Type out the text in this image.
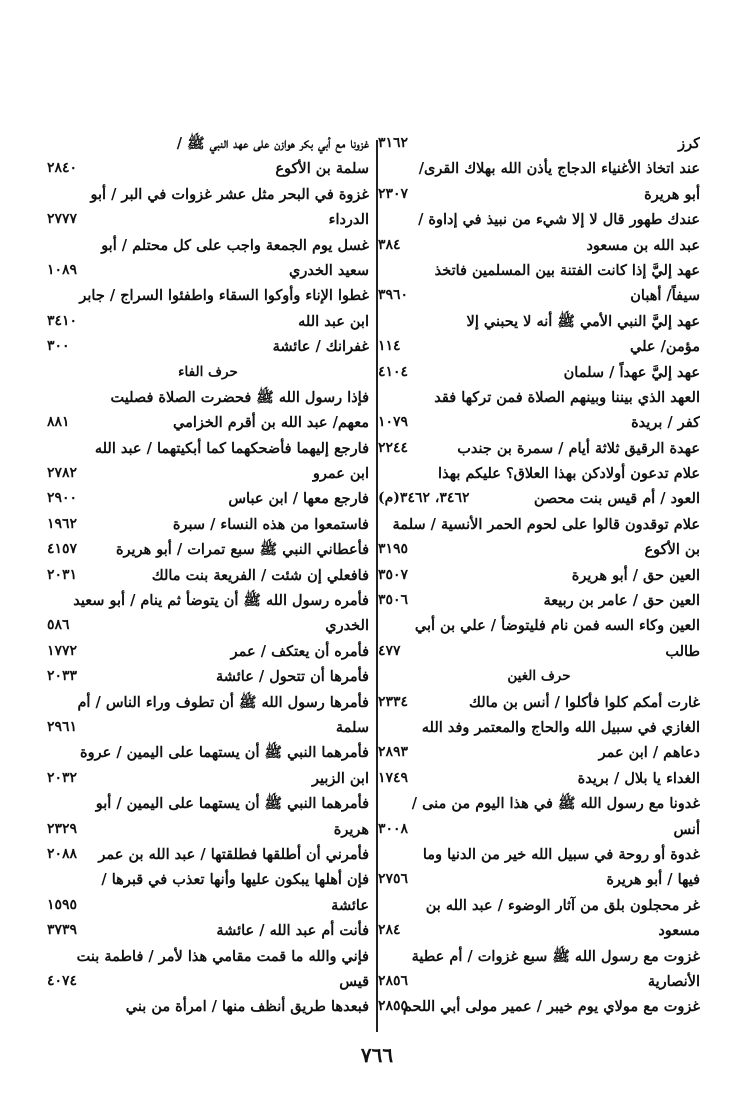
كرز
٣١٦٢
عند اتخاذ الأغنياء الدجاج يأذن الله بهلاك القرى/
أبو هريرة
٢٣٠٧
عندك طهور قال لا إلا شيء من نبيذ في إداوة /
عبد الله بن مسعود
٣٨٤
عهد إليَّ إذا كانت الفتنة بين المسلمين فاتخذ
سيفاً/ أهبان
٣٩٦٠
عهد إليَّ النبي الأمي ﷺ أنه لا يحبني إلا
مؤمن/ علي
١١٤
عهد إليَّ عهداً / سلمان
٤١٠٤
العهد الذي بيننا وبينهم الصلاة فمن تركها فقد
كفر / بريدة
١٠٧٩
عهدة الرقيق ثلاثة أيام / سمرة بن جندب
٢٢٤٤
علام تدعون أولادكن بهذا العلاق؟ عليكم بهذا
العود / أم قيس بنت محصن
٣٤٦٢، ٣٤٦٢(م)
علام توقدون قالوا على لحوم الحمر الأنسية / سلمة
بن الأكوع
٣١٩٥
العين حق / أبو هريرة
٣٥٠٧
العين حق / عامر بن ربيعة
٣٥٠٦
العين وكاء السه فمن نام فليتوضأ / علي بن أبي
طالب
٤٧٧
حرف الغين
غارت أمكم كلوا فأكلوا / أنس بن مالك
٢٣٣٤
الغازي في سبيل الله والحاج والمعتمر وفد الله
دعاهم / ابن عمر
٢٨٩٣
الغداء يا بلال / بريدة
١٧٤٩
غدونا مع رسول الله ﷺ في هذا اليوم من منى /
أنس
٣٠٠٨
غدوة أو روحة في سبيل الله خير من الدنيا وما
فيها / أبو هريرة
٢٧٥٦
غر محجلون بلق من آثار الوضوء / عبد الله بن
مسعود
٢٨٤
غزوت مع رسول الله ﷺ سبع غزوات / أم عطية
الأنصارية
٢٨٥٦
غزوت مع مولاي يوم خيبر / عمير مولى أبي اللحم
٢٨٥٥
غزونا مع أبي بكر هوازن على عهد النبي ﷺ /
سلمة بن الأكوع
٢٨٤٠
غزوة في البحر مثل عشر غزوات في البر / أبو
الدرداء
٢٧٧٧
غسل يوم الجمعة واجب على كل محتلم / أبو
سعيد الخدري
١٠٨٩
غطوا الإناء وأوكوا السقاء واطفئوا السراج / جابر
ابن عبد الله
٣٤١٠
غفرانك / عائشة
٣٠٠
حرف الفاء
فإذا رسول الله ﷺ فحضرت الصلاة فصليت
معهم/ عبد الله بن أقرم الخزامي
٨٨١
فارجع إليهما فأضحكهما كما أبكيتهما / عبد الله
ابن عمرو
٢٧٨٢
فارجع معها / ابن عباس
٢٩٠٠
فاستمعوا من هذه النساء / سبرة
١٩٦٢
فأعطاني النبي ﷺ سبع تمرات / أبو هريرة
٤١٥٧
فافعلي إن شئت / الفريعة بنت مالك
٢٠٣١
فأمره رسول الله ﷺ أن يتوضأ ثم ينام / أبو سعيد
الخدري
٥٨٦
فأمره أن يعتكف / عمر
١٧٧٢
فأمرها أن تتحول / عائشة
٢٠٣٣
فأمرها رسول الله ﷺ أن تطوف وراء الناس / أم
سلمة
٢٩٦١
فأمرهما النبي ﷺ أن يستهما على اليمين / عروة
ابن الزبير
٢٠٣٢
فأمرهما النبي ﷺ أن يستهما على اليمين / أبو
هريرة
٢٣٢٩
فأمرني أن أطلقها فطلقتها / عبد الله بن عمر
٢٠٨٨
فإن أهلها يبكون عليها وأنها تعذب في قبرها /
عائشة
١٥٩٥
فأنت أم عبد الله / عائشة
٣٧٣٩
فإني والله ما قمت مقامي هذا لأمر / فاطمة بنت
قيس
٤٠٧٤
فبعدها طريق أنظف منها / امرأة من بني
٧٦٦
